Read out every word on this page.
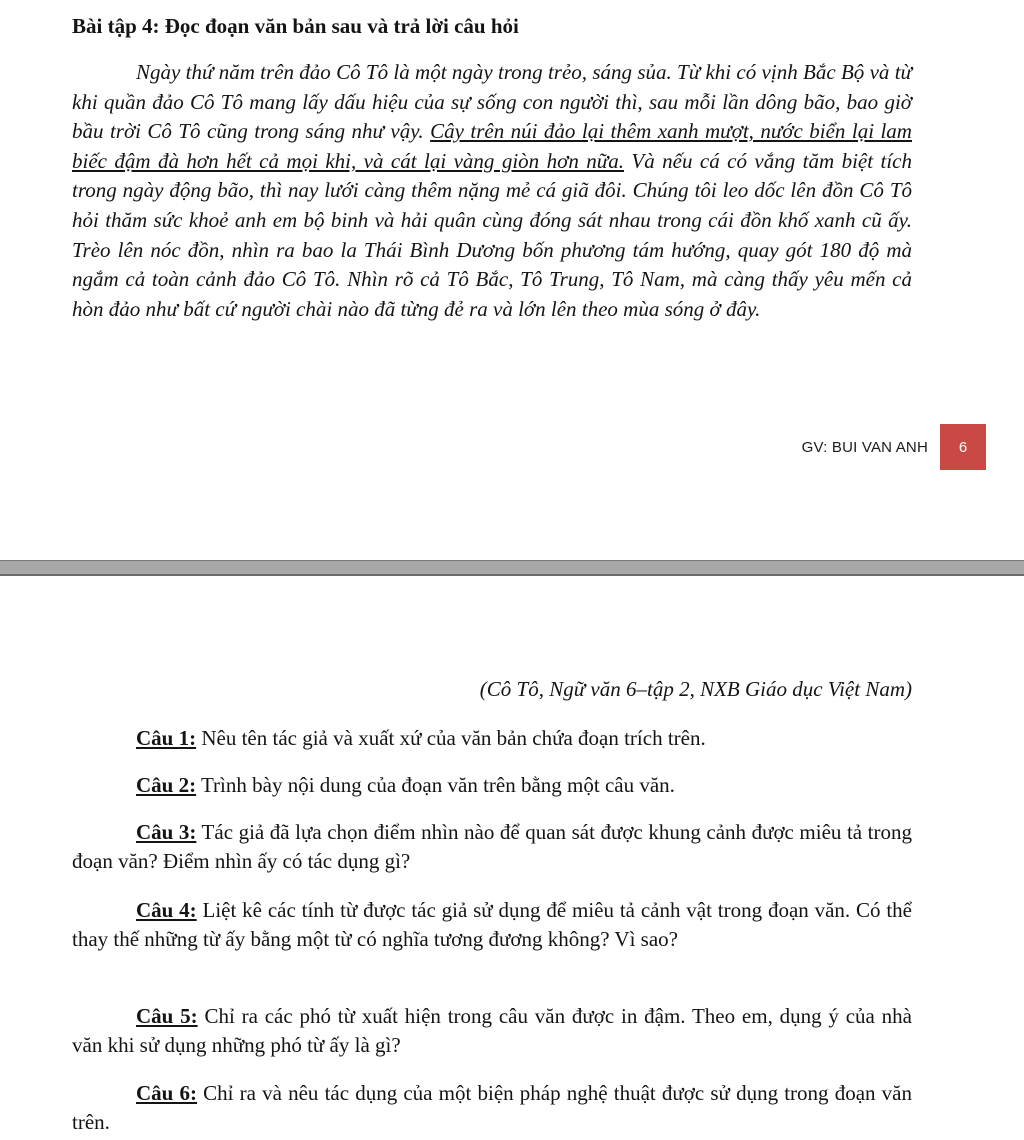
Bài tập 4: Đọc đoạn văn bản sau và trả lời câu hỏi

Ngày thứ năm trên đảo Cô Tô là một ngày trong trẻo, sáng sủa. Từ khi có vịnh Bắc Bộ và từ khi quần đảo Cô Tô mang lấy dấu hiệu của sự sống con người thì, sau mỗi lần dông bão, bao giờ bầu trời Cô Tô cũng trong sáng như vậy. Cây trên núi đảo lại thêm xanh mượt, nước biển lại lam biếc đậm đà hơn hết cả mọi khi, và cát lại vàng giòn hơn nữa. Và nếu cá có vắng tăm biệt tích trong ngày động bão, thì nay lưới càng thêm nặng mẻ cá giã đôi. Chúng tôi leo dốc lên đồn Cô Tô hỏi thăm sức khoẻ anh em bộ binh và hải quân cùng đóng sát nhau trong cái đồn khố xanh cũ ấy. Trèo lên nóc đồn, nhìn ra bao la Thái Bình Dương bốn phương tám hướng, quay gót 180 độ mà ngắm cả toàn cảnh đảo Cô Tô. Nhìn rõ cả Tô Bắc, Tô Trung, Tô Nam, mà càng thấy yêu mến cả hòn đảo như bất cứ người chài nào đã từng đẻ ra và lớn lên theo mùa sóng ở đây.

GV: BUI VAN ANH	6
(Cô Tô, Ngữ văn 6–tập 2, NXB Giáo dục Việt Nam)

Câu 1: Nêu tên tác giả và xuất xứ của văn bản chứa đoạn trích trên.

Câu 2: Trình bày nội dung của đoạn văn trên bằng một câu văn.

Câu 3: Tác giả đã lựa chọn điểm nhìn nào để quan sát được khung cảnh được miêu tả trong đoạn văn? Điểm nhìn ấy có tác dụng gì?

Câu 4: Liệt kê các tính từ được tác giả sử dụng để miêu tả cảnh vật trong đoạn văn. Có thể thay thế những từ ấy bằng một từ có nghĩa tương đương không? Vì sao?

Câu 5: Chỉ ra các phó từ xuất hiện trong câu văn được in đậm. Theo em, dụng ý của nhà văn khi sử dụng những phó từ ấy là gì?

Câu 6: Chỉ ra và nêu tác dụng của một biện pháp nghệ thuật được sử dụng trong đoạn văn trên.
